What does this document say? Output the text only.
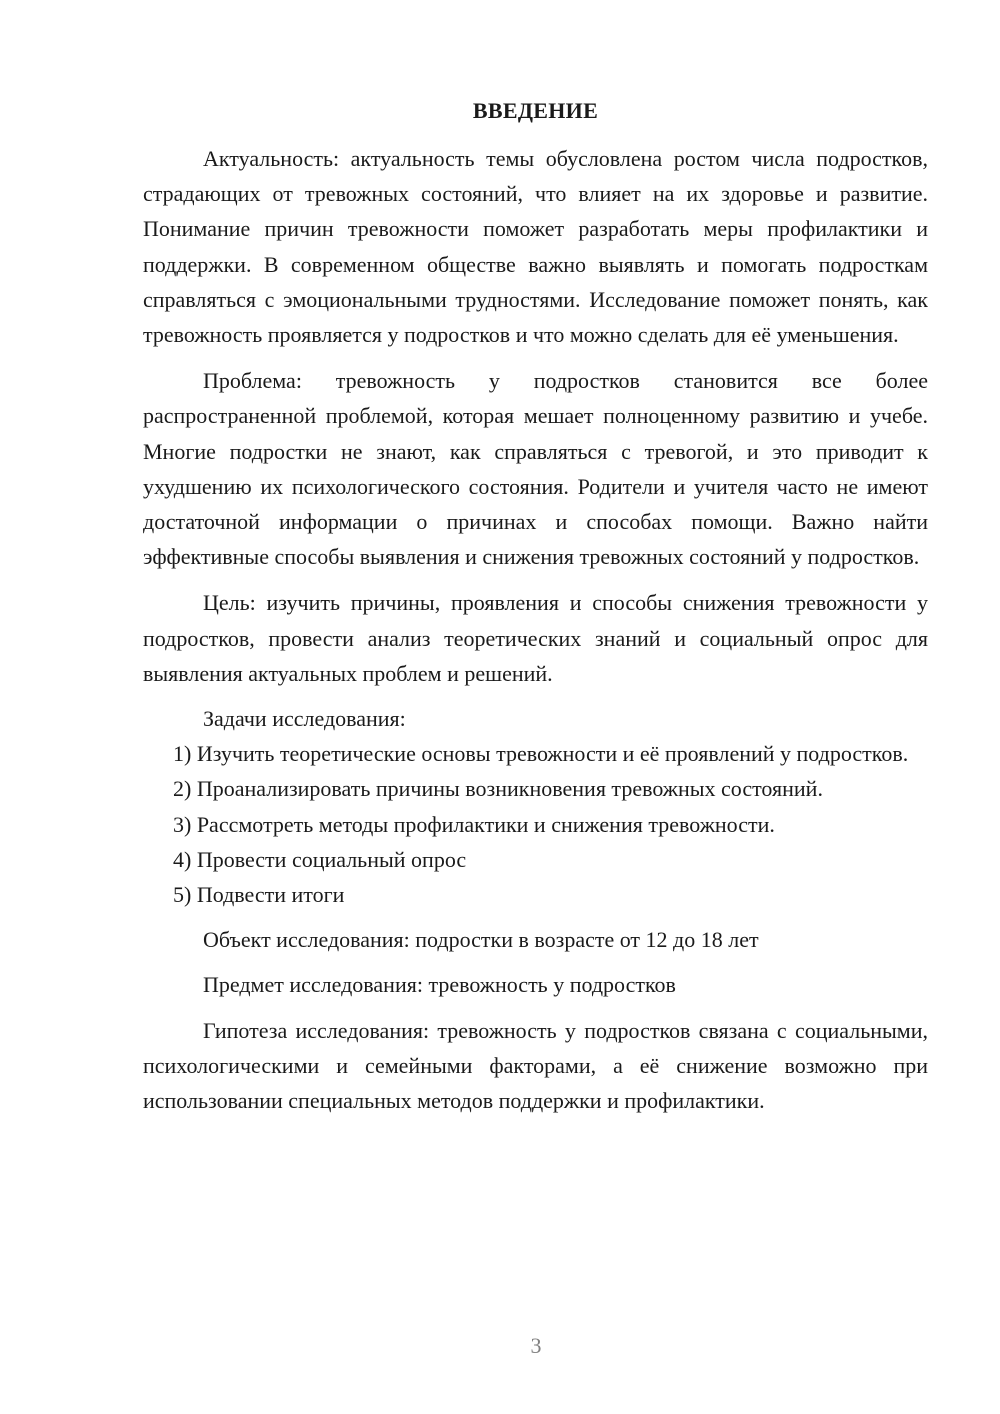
ВВЕДЕНИЕ

Актуальность: актуальность темы обусловлена ростом числа подростков, страдающих от тревожных состояний, что влияет на их здоровье и развитие. Понимание причин тревожности поможет разработать меры профилактики и поддержки. В современном обществе важно выявлять и помогать подросткам справляться с эмоциональными трудностями. Исследование поможет понять, как тревожность проявляется у подростков и что можно сделать для её уменьшения.

Проблема: тревожность у подростков становится все более распространенной проблемой, которая мешает полноценному развитию и учебе. Многие подростки не знают, как справляться с тревогой, и это приводит к ухудшению их психологического состояния. Родители и учителя часто не имеют достаточной информации о причинах и способах помощи. Важно найти эффективные способы выявления и снижения тревожных состояний у подростков.

Цель: изучить причины, проявления и способы снижения тревожности у подростков, провести анализ теоретических знаний и социальный опрос для выявления актуальных проблем и решений.

Задачи исследования:

1) Изучить теоретические основы тревожности и её проявлений у подростков.

2) Проанализировать причины возникновения тревожных состояний.

3) Рассмотреть методы профилактики и снижения тревожности.

4) Провести социальный опрос

5) Подвести итоги

Объект исследования: подростки в возрасте от 12 до 18 лет

Предмет исследования: тревожность у подростков

Гипотеза исследования: тревожность у подростков связана с социальными, психологическими и семейными факторами, а её снижение возможно при использовании специальных методов поддержки и профилактики.

3
